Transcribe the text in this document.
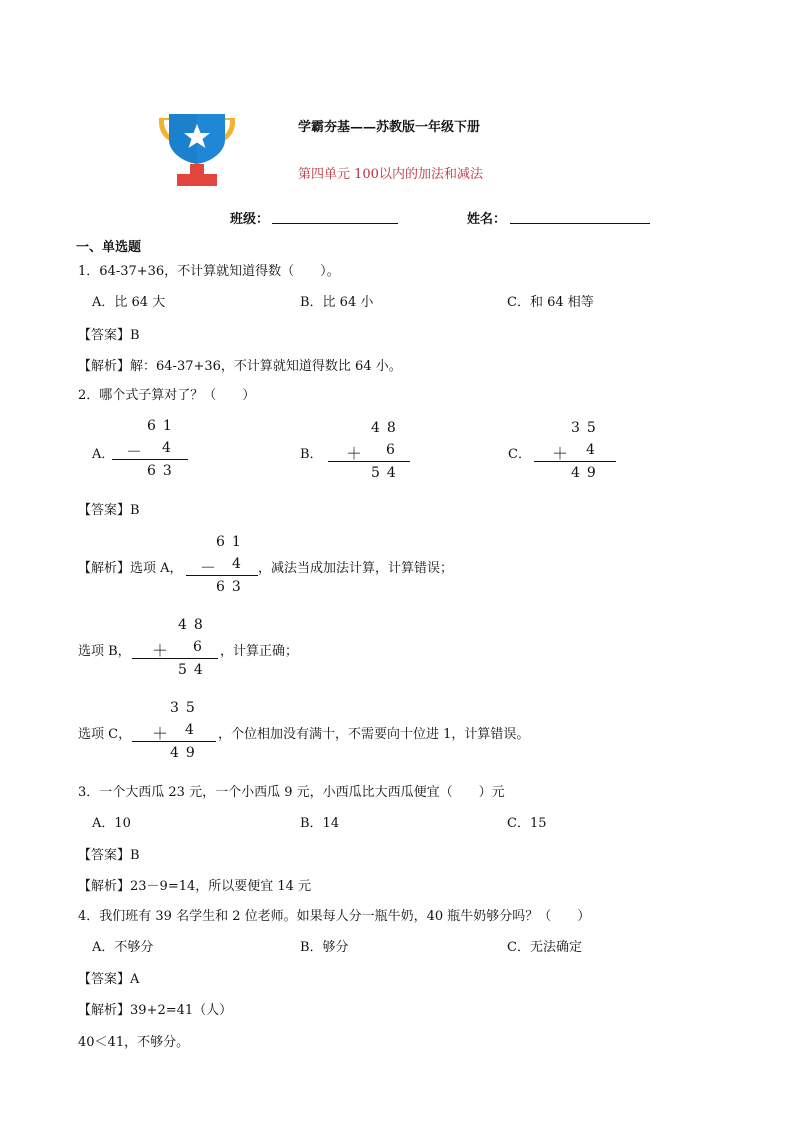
学霸夯基——苏教版一年级下册
第四单元 100以内的加法和减法
班级：	姓名：
一、单选题
1．64-37+36，不计算就知道得数（　　）。
A．比 64 大	B．比 64 小	C．和 64 相等
【答案】B
【解析】解：64-37+36，不计算就知道得数比 64 小。
2．哪个式子算对了？（　　）
A．
61
－ 4
63
B．
48
＋ 6
54
C．
35
＋ 4
49
【答案】B
【解析】选项 A，
61
－ 4
63
，减法当成加法计算，计算错误；
选项 B，
48
＋ 6
54
，计算正确；
选项 C，
35
＋ 4
49
，个位相加没有满十，不需要向十位进 1，计算错误。
3．一个大西瓜 23 元，一个小西瓜 9 元，小西瓜比大西瓜便宜（　　）元
A．10	B．14	C．15
【答案】B
【解析】23－9=14，所以要便宜 14 元
4．我们班有 39 名学生和 2 位老师。如果每人分一瓶牛奶，40 瓶牛奶够分吗？（　　）
A．不够分	B．够分	C．无法确定
【答案】A
【解析】39+2=41（人）
40＜41，不够分。
